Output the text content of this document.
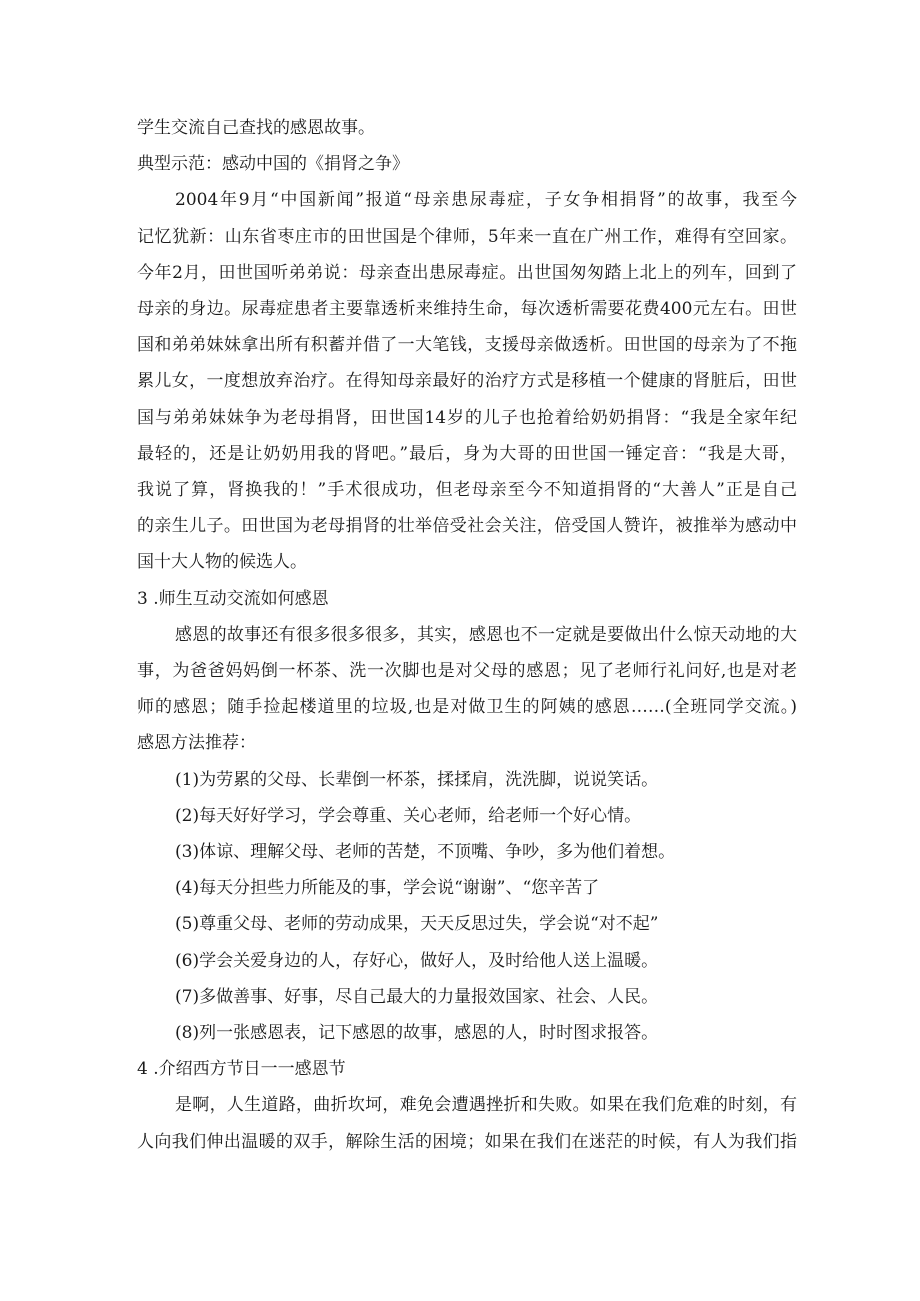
学生交流自己查找的感恩故事。
典型示范：感动中国的《捐肾之争》
2004年9月“中国新闻”报道“母亲患尿毒症，子女争相捐肾”的故事，我至今
记忆犹新：山东省枣庄市的田世国是个律师，5年来一直在广州工作，难得有空回家。
今年2月，田世国听弟弟说：母亲查出患尿毒症。出世国匆匆踏上北上的列车，回到了
母亲的身边。尿毒症患者主要靠透析来维持生命，每次透析需要花费400元左右。田世
国和弟弟妹妹拿出所有积蓄并借了一大笔钱，支援母亲做透析。田世国的母亲为了不拖
累儿女，一度想放弃治疗。在得知母亲最好的治疗方式是移植一个健康的肾脏后，田世
国与弟弟妹妹争为老母捐肾，田世国14岁的儿子也抢着给奶奶捐肾：“我是全家年纪
最轻的，还是让奶奶用我的肾吧。”最后，身为大哥的田世国一锤定音：“我是大哥，
我说了算，肾换我的！”手术很成功，但老母亲至今不知道捐肾的“大善人”正是自己
的亲生儿子。田世国为老母捐肾的壮举倍受社会关注，倍受国人赞许，被推举为感动中
国十大人物的候选人。
3 .师生互动交流如何感恩
感恩的故事还有很多很多很多，其实，感恩也不一定就是要做出什么惊天动地的大
事，为爸爸妈妈倒一杯茶、洗一次脚也是对父母的感恩；见了老师行礼问好,也是对老
师的感恩；随手捡起楼道里的垃圾,也是对做卫生的阿姨的感恩……(全班同学交流。)
感恩方法推荐：
(1)为劳累的父母、长辈倒一杯茶，揉揉肩，洗洗脚，说说笑话。
(2)每天好好学习，学会尊重、关心老师，给老师一个好心情。
(3)体谅、理解父母、老师的苦楚，不顶嘴、争吵，多为他们着想。
(4)每天分担些力所能及的事，学会说“谢谢”、“您辛苦了
(5)尊重父母、老师的劳动成果，天天反思过失，学会说“对不起”
(6)学会关爱身边的人，存好心，做好人，及时给他人送上温暖。
(7)多做善事、好事，尽自己最大的力量报效国家、社会、人民。
(8)列一张感恩表，记下感恩的故事，感恩的人，时时图求报答。
4 .介绍西方节日一一感恩节
是啊，人生道路，曲折坎坷，难免会遭遇挫折和失败。如果在我们危难的时刻，有
人向我们伸出温暖的双手，解除生活的困境；如果在我们在迷茫的时候，有人为我们指
